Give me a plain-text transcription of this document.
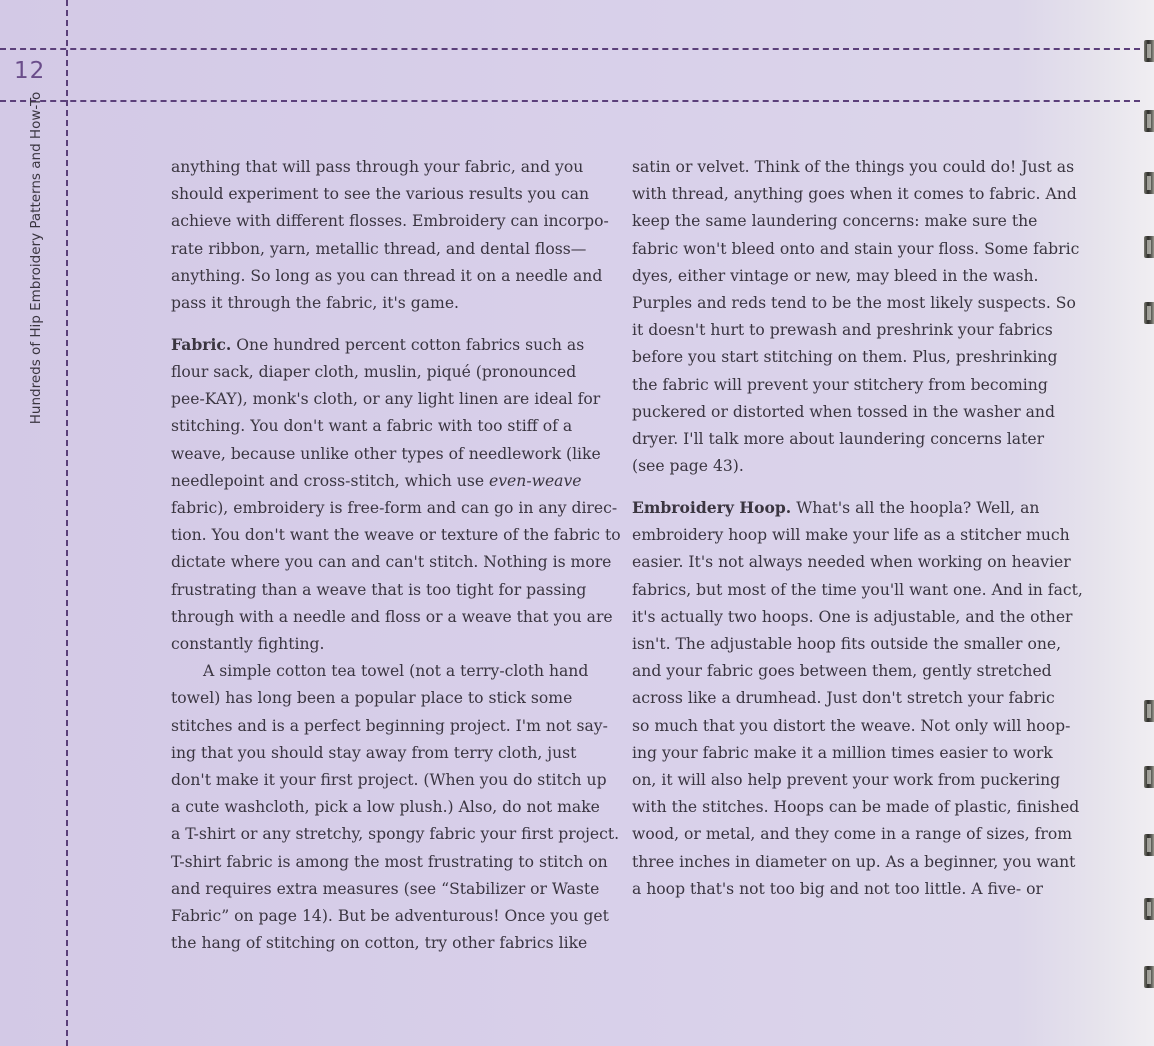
12
Hundreds of Hip Embroidery Patterns and How-To	anything that will pass through your fabric, and you
should experiment to see the various results you can
achieve with different flosses. Embroidery can incorpo-
rate ribbon, yarn, metallic thread, and dental floss—
anything. So long as you can thread it on a needle and
pass it through the fabric, it's game.

Fabric. One hundred percent cotton fabrics such as
flour sack, diaper cloth, muslin, piqué (pronounced
pee-KAY), monk's cloth, or any light linen are ideal for
stitching. You don't want a fabric with too stiff of a
weave, because unlike other types of needlework (like
needlepoint and cross-stitch, which use even-weave
fabric), embroidery is free-form and can go in any direc-
tion. You don't want the weave or texture of the fabric to
dictate where you can and can't stitch. Nothing is more
frustrating than a weave that is too tight for passing
through with a needle and floss or a weave that you are
constantly fighting.

A simple cotton tea towel (not a terry-cloth hand
towel) has long been a popular place to stick some
stitches and is a perfect beginning project. I'm not say-
ing that you should stay away from terry cloth, just
don't make it your first project. (When you do stitch up
a cute washcloth, pick a low plush.) Also, do not make
a T-shirt or any stretchy, spongy fabric your first project.
T-shirt fabric is among the most frustrating to stitch on
and requires extra measures (see “Stabilizer or Waste
Fabric” on page 14). But be adventurous! Once you get
the hang of stitching on cotton, try other fabrics like

satin or velvet. Think of the things you could do! Just as
with thread, anything goes when it comes to fabric. And
keep the same laundering concerns: make sure the
fabric won't bleed onto and stain your floss. Some fabric
dyes, either vintage or new, may bleed in the wash.
Purples and reds tend to be the most likely suspects. So
it doesn't hurt to prewash and preshrink your fabrics
before you start stitching on them. Plus, preshrinking
the fabric will prevent your stitchery from becoming
puckered or distorted when tossed in the washer and
dryer. I'll talk more about laundering concerns later
(see page 43).

Embroidery Hoop. What's all the hoopla? Well, an
embroidery hoop will make your life as a stitcher much
easier. It's not always needed when working on heavier
fabrics, but most of the time you'll want one. And in fact,
it's actually two hoops. One is adjustable, and the other
isn't. The adjustable hoop fits outside the smaller one,
and your fabric goes between them, gently stretched
across like a drumhead. Just don't stretch your fabric
so much that you distort the weave. Not only will hoop-
ing your fabric make it a million times easier to work
on, it will also help prevent your work from puckering
with the stitches. Hoops can be made of plastic, finished
wood, or metal, and they come in a range of sizes, from
three inches in diameter on up. As a beginner, you want
a hoop that's not too big and not too little. A five- or
